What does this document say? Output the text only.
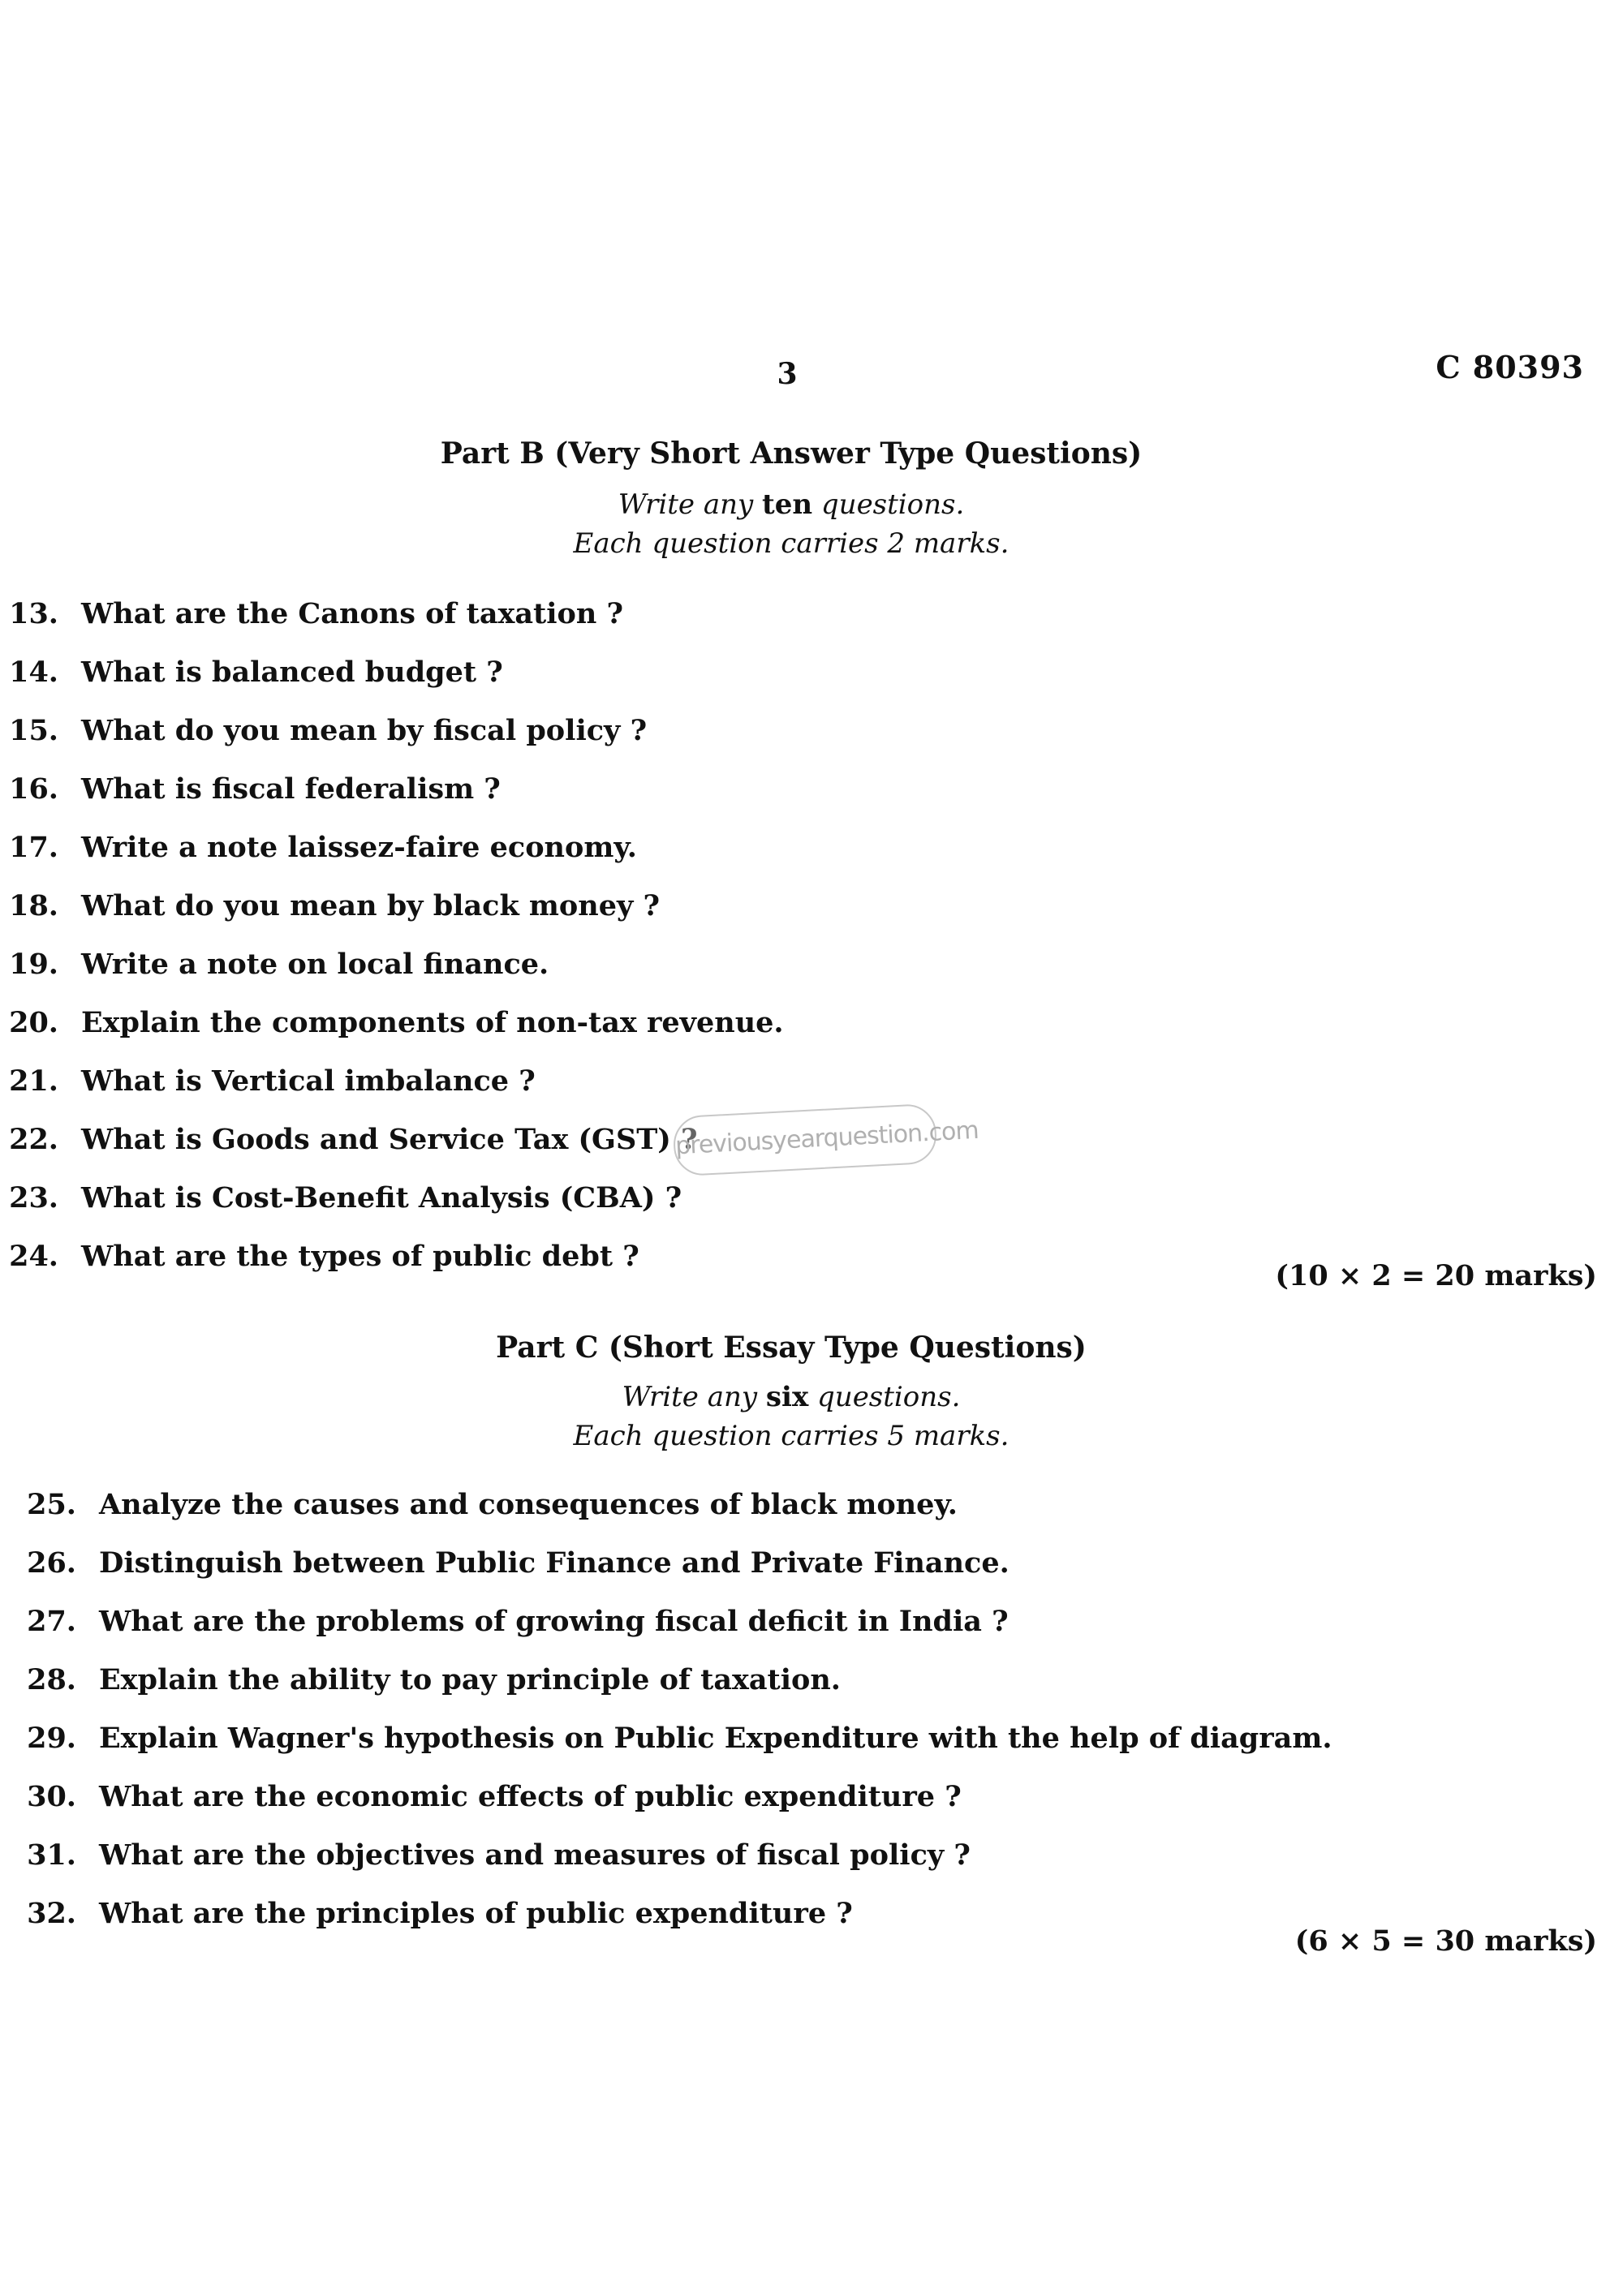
3	C 80393
Part B (Very Short Answer Type Questions)
Write any ten questions.
Each question carries 2 marks.
13. What are the Canons of taxation ?
14. What is balanced budget ?
15. What do you mean by fiscal policy ?
16. What is fiscal federalism ?
17. Write a note laissez-faire economy.
18. What do you mean by black money ?
19. Write a note on local finance.
20. Explain the components of non-tax revenue.
21. What is Vertical imbalance ?
22. What is Goods and Service Tax (GST) ?
23. What is Cost-Benefit Analysis (CBA) ?
24. What are the types of public debt ?
(10 × 2 = 20 marks)
Part C (Short Essay Type Questions)
Write any six questions.
Each question carries 5 marks.
25. Analyze the causes and consequences of black money.
26. Distinguish between Public Finance and Private Finance.
27. What are the problems of growing fiscal deficit in India ?
28. Explain the ability to pay principle of taxation.
29. Explain Wagner's hypothesis on Public Expenditure with the help of diagram.
30. What are the economic effects of public expenditure ?
31. What are the objectives and measures of fiscal policy ?
32. What are the principles of public expenditure ?
(6 × 5 = 30 marks)
previousyearquestion.com
